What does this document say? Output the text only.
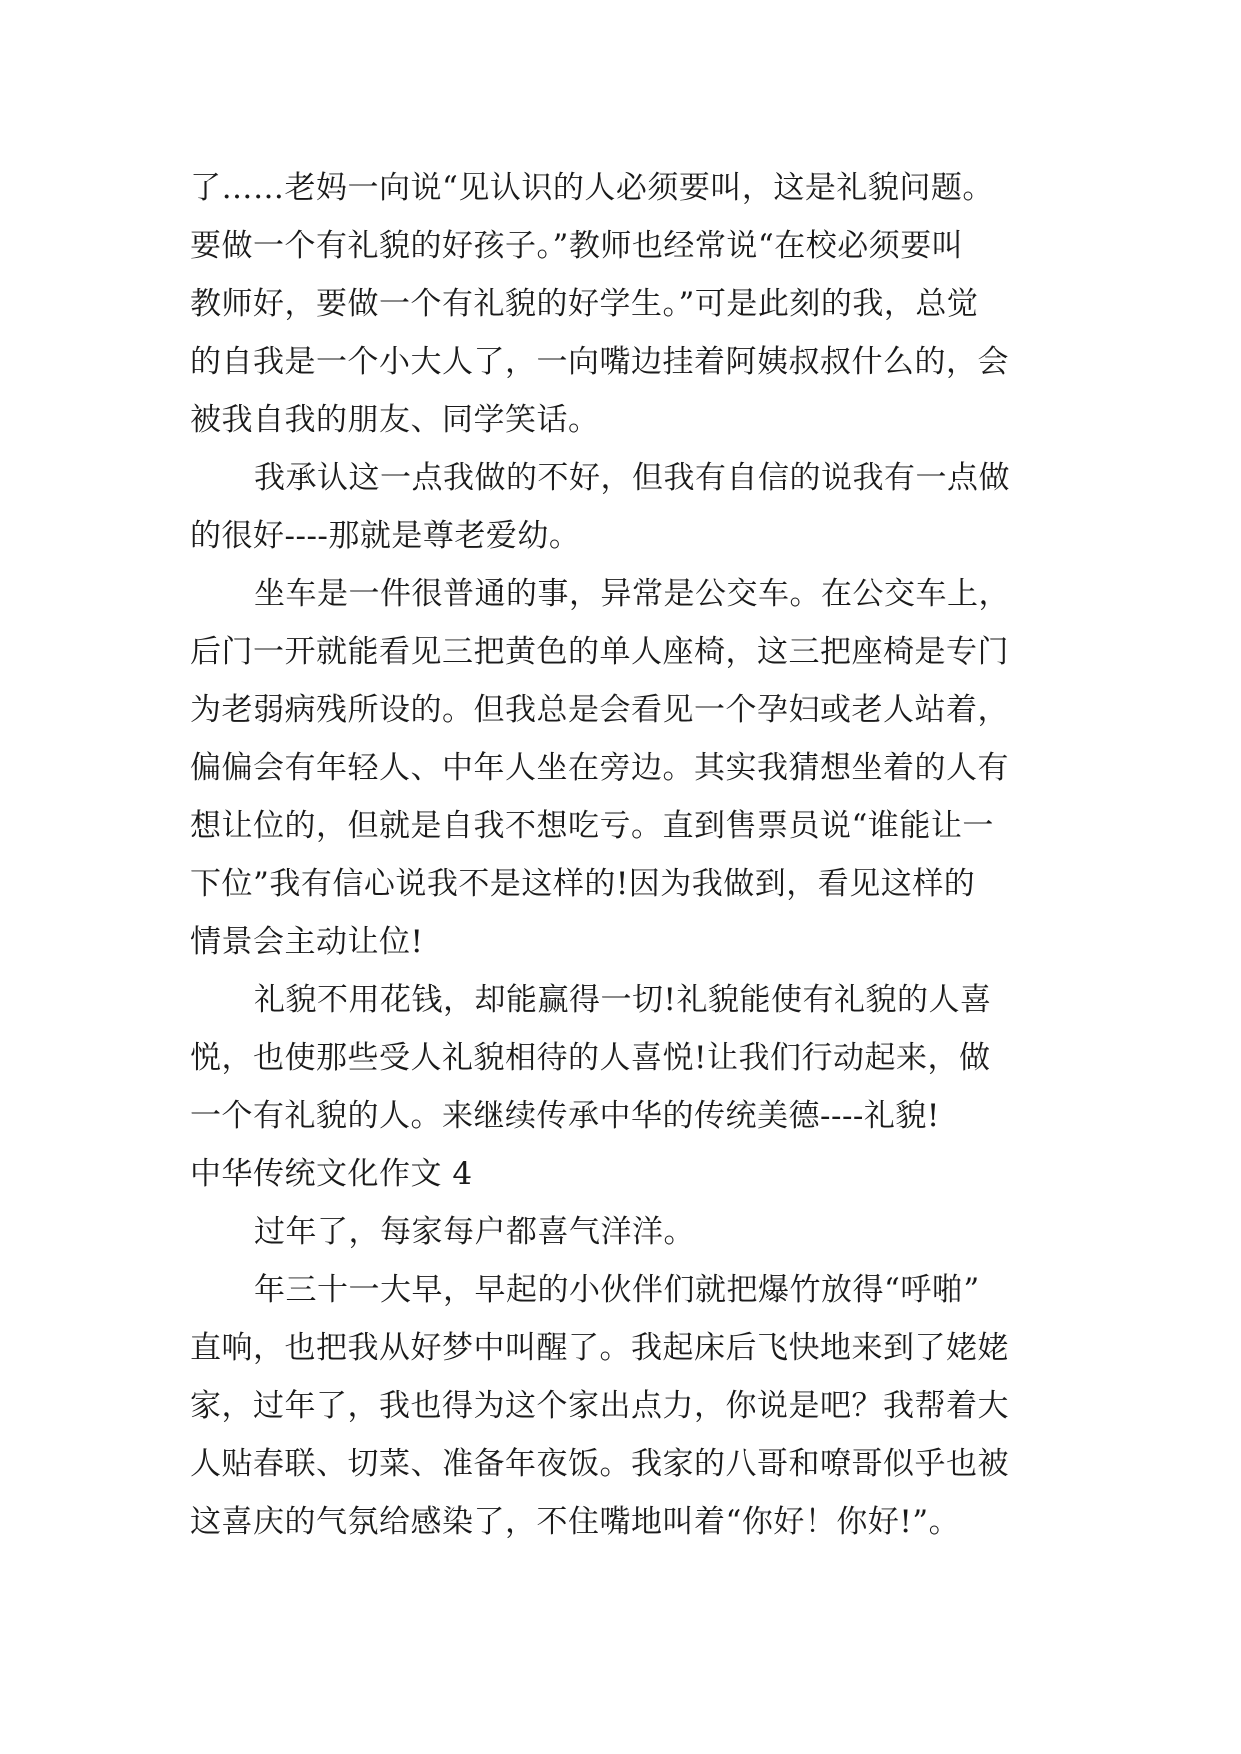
了……老妈一向说“见认识的人必须要叫，这是礼貌问题。
要做一个有礼貌的好孩子。”教师也经常说“在校必须要叫
教师好，要做一个有礼貌的好学生。”可是此刻的我，总觉
的自我是一个小大人了，一向嘴边挂着阿姨叔叔什么的，会
被我自我的朋友、同学笑话。
我承认这一点我做的不好，但我有自信的说我有一点做
的很好----那就是尊老爱幼。
坐车是一件很普通的事，异常是公交车。在公交车上，
后门一开就能看见三把黄色的单人座椅，这三把座椅是专门
为老弱病残所设的。但我总是会看见一个孕妇或老人站着，
偏偏会有年轻人、中年人坐在旁边。其实我猜想坐着的人有
想让位的，但就是自我不想吃亏。直到售票员说“谁能让一
下位”我有信心说我不是这样的!因为我做到，看见这样的
情景会主动让位!
礼貌不用花钱，却能赢得一切!礼貌能使有礼貌的人喜
悦，也使那些受人礼貌相待的人喜悦!让我们行动起来，做
一个有礼貌的人。来继续传承中华的传统美德----礼貌!
中华传统文化作文 4
过年了，每家每户都喜气洋洋。
年三十一大早，早起的小伙伴们就把爆竹放得“呼啪”
直响，也把我从好梦中叫醒了。我起床后飞快地来到了姥姥
家，过年了，我也得为这个家出点力，你说是吧？我帮着大
人贴春联、切菜、准备年夜饭。我家的八哥和嘹哥似乎也被
这喜庆的气氛给感染了，不住嘴地叫着“你好！你好!”。
